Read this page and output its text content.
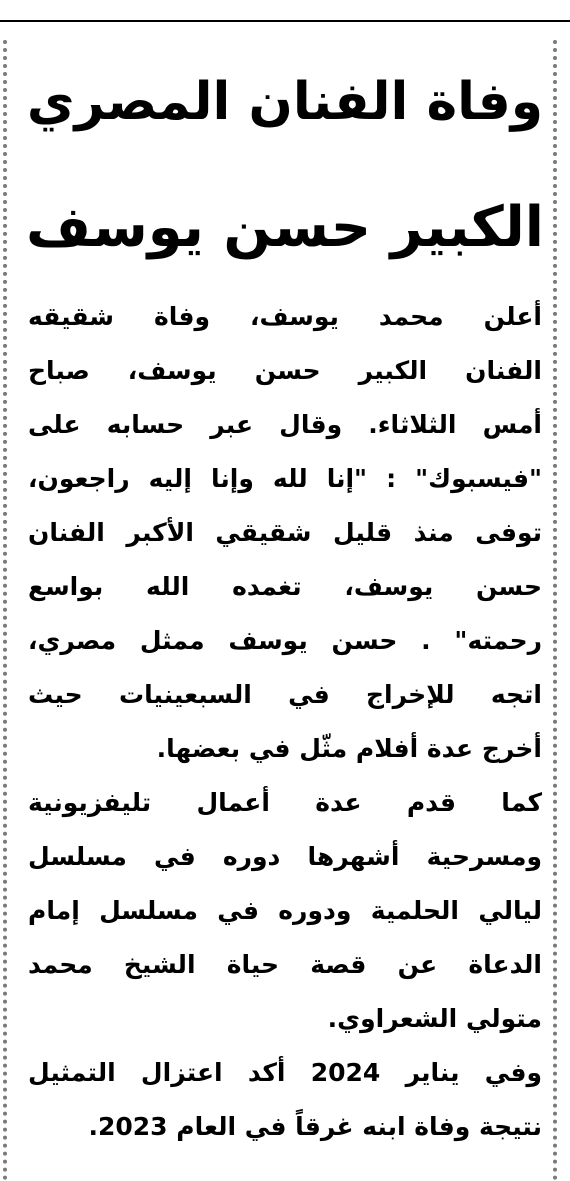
وفاة الفنان المصري
الكبير حسن يوسف
أعلن محمد يوسف، وفاة شقيقه
الفنان الكبير حسن يوسف، صباح
أمس الثلاثاء. وقال عبر حسابه على
"فيسبوك" : "إنا لله وإنا إليه راجعون،
توفى منذ قليل شقيقي الأكبر الفنان
حسن يوسف، تغمده الله بواسع
رحمته" . حسن يوسف ممثل مصري،
اتجه للإخراج في السبعينيات حيث
أخرج عدة أفلام مثّل في بعضها.
كما قدم عدة أعمال تليفزيونية
ومسرحية أشهرها دوره في مسلسل
ليالي الحلمية ودوره في مسلسل إمام
الدعاة عن قصة حياة الشيخ محمد
متولي الشعراوي.
وفي يناير 2024 أكد اعتزال التمثيل
نتيجة وفاة ابنه غرقاً في العام 2023.
